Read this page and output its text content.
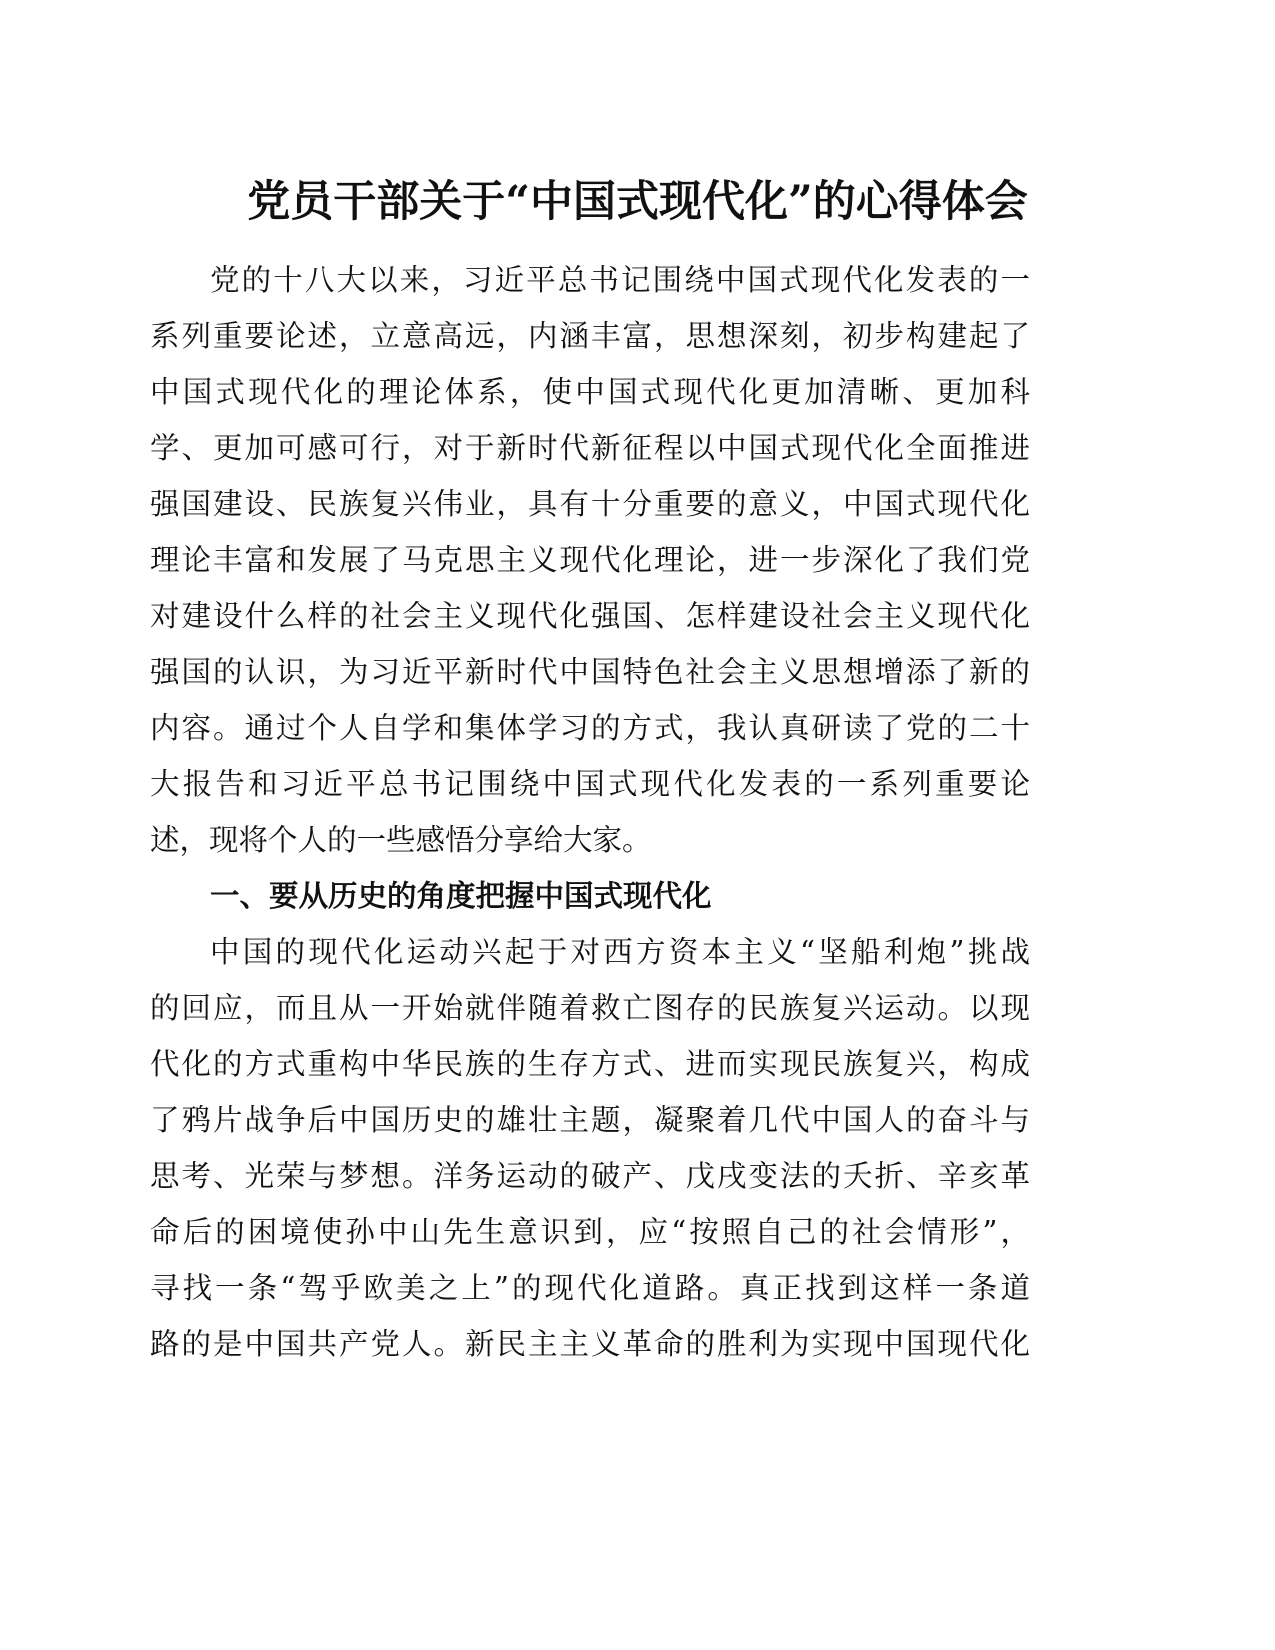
党员干部关于“中国式现代化”的心得体会
党的十八大以来，习近平总书记围绕中国式现代化发表的一
系列重要论述，立意高远，内涵丰富，思想深刻，初步构建起了
中国式现代化的理论体系，使中国式现代化更加清晰、更加科
学、更加可感可行，对于新时代新征程以中国式现代化全面推进
强国建设、民族复兴伟业，具有十分重要的意义，中国式现代化
理论丰富和发展了马克思主义现代化理论，进一步深化了我们党
对建设什么样的社会主义现代化强国、怎样建设社会主义现代化
强国的认识，为习近平新时代中国特色社会主义思想增添了新的
内容。通过个人自学和集体学习的方式，我认真研读了党的二十
大报告和习近平总书记围绕中国式现代化发表的一系列重要论
述，现将个人的一些感悟分享给大家。
一、要从历史的角度把握中国式现代化
中国的现代化运动兴起于对西方资本主义“坚船利炮”挑战
的回应，而且从一开始就伴随着救亡图存的民族复兴运动。以现
代化的方式重构中华民族的生存方式、进而实现民族复兴，构成
了鸦片战争后中国历史的雄壮主题，凝聚着几代中国人的奋斗与
思考、光荣与梦想。洋务运动的破产、戊戌变法的夭折、辛亥革
命后的困境使孙中山先生意识到，应“按照自己的社会情形”，
寻找一条“驾乎欧美之上”的现代化道路。真正找到这样一条道
路的是中国共产党人。新民主主义革命的胜利为实现中国现代化
